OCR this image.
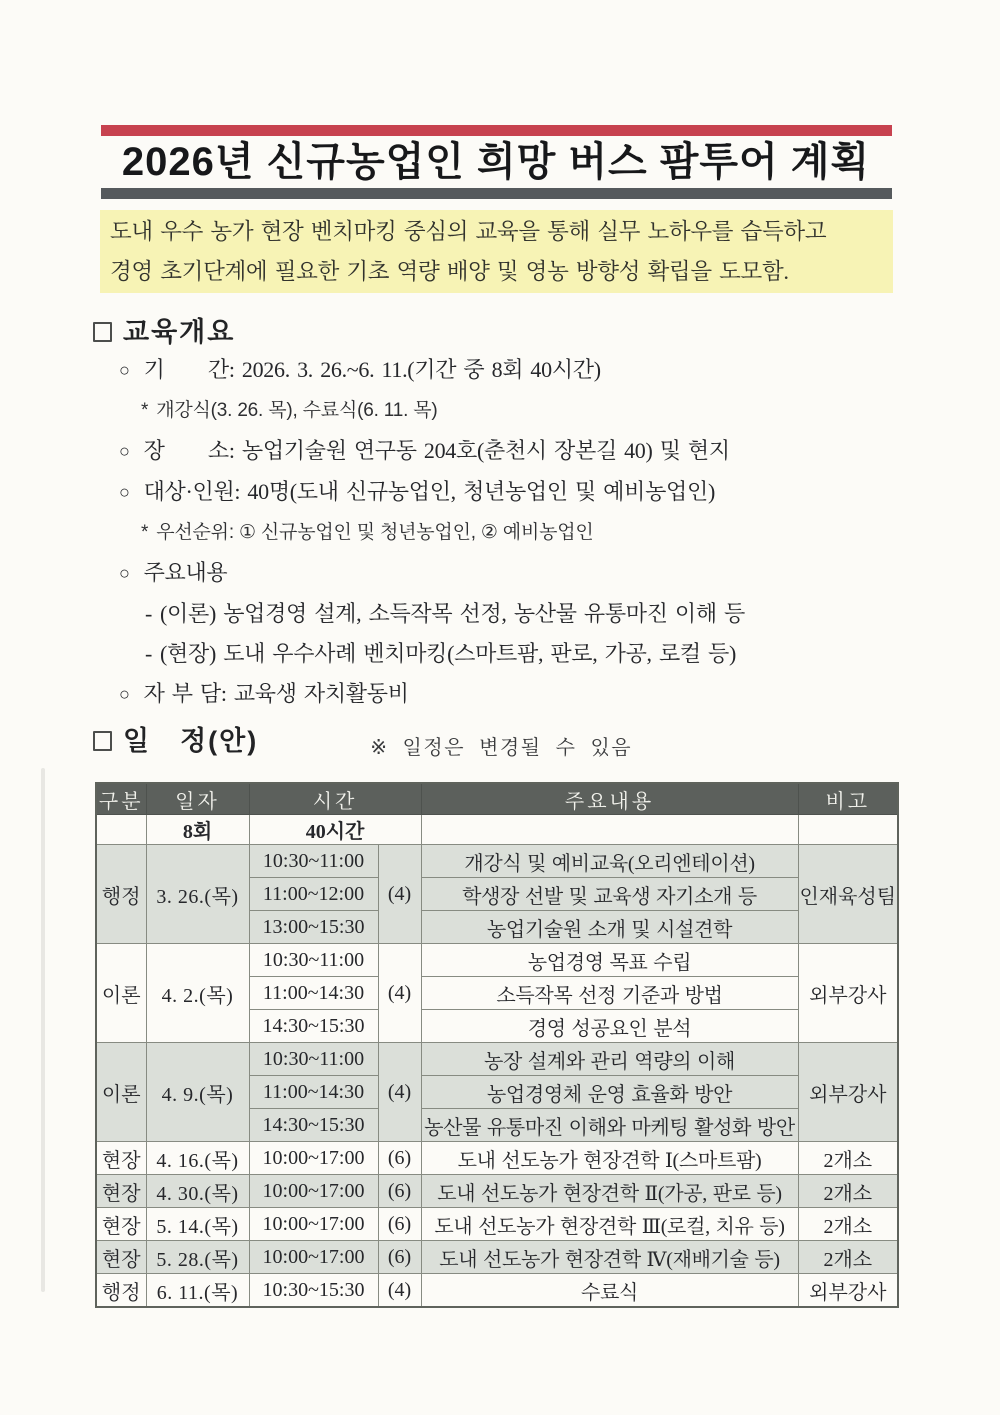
2026년 신규농업인 희망 버스 팜투어 계획
도내 우수 농가 현장 벤치마킹 중심의 교육을 통해 실무 노하우를 습득하고
경영 초기단계에 필요한 기초 역량 배양 및 영농 방향성 확립을 도모함.
교육개요
○ 기　　간: 2026. 3. 26.~6. 11.(기간 중 8회 40시간)
* 개강식(3. 26. 목), 수료식(6. 11. 목)
○ 장　　소: 농업기술원 연구동 204호(춘천시 장본길 40) 및 현지
○ 대상·인원: 40명(도내 신규농업인, 청년농업인 및 예비농업인)
* 우선순위: ① 신규농업인 및 청년농업인, ② 예비농업인
○ 주요내용
- (이론) 농업경영 설계, 소득작목 선정, 농산물 유통마진 이해 등
- (현장) 도내 우수사례 벤치마킹(스마트팜, 판로, 가공, 로컬 등)
○ 자 부 담: 교육생 자치활동비
일　정(안)	※ 일정은 변경될 수 있음
구분	일자	시간		주요내용	비고
	8회	40시간			
행정	3. 26.(목)	10:30~11:00	(4)	개강식 및 예비교육(오리엔테이션)	인재육성팀
		11:00~12:00		학생장 선발 및 교육생 자기소개 등	
		13:00~15:30		농업기술원 소개 및 시설견학	
이론	4. 2.(목)	10:30~11:00	(4)	농업경영 목표 수립	외부강사
		11:00~14:30		소득작목 선정 기준과 방법	
		14:30~15:30		경영 성공요인 분석	
이론	4. 9.(목)	10:30~11:00	(4)	농장 설계와 관리 역량의 이해	외부강사
		11:00~14:30		농업경영체 운영 효율화 방안	
		14:30~15:30		농산물 유통마진 이해와 마케팅 활성화 방안	
현장	4. 16.(목)	10:00~17:00	(6)	도내 선도농가 현장견학 Ⅰ(스마트팜)	2개소
현장	4. 30.(목)	10:00~17:00	(6)	도내 선도농가 현장견학 Ⅱ(가공, 판로 등)	2개소
현장	5. 14.(목)	10:00~17:00	(6)	도내 선도농가 현장견학 Ⅲ(로컬, 치유 등)	2개소
현장	5. 28.(목)	10:00~17:00	(6)	도내 선도농가 현장견학 Ⅳ(재배기술 등)	2개소
행정	6. 11.(목)	10:30~15:30	(4)	수료식	외부강사
